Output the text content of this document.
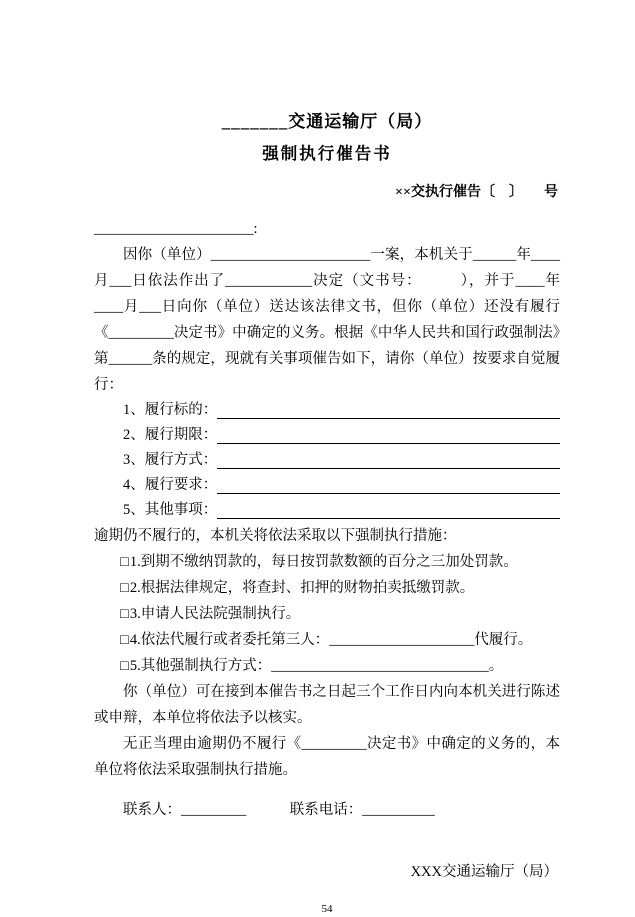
_______交通运输厅（局）
强制执行催告书
××交执行催告〔　〕　　号
______________________:

因你（单位）______________________一案，本机关于______年____月___日依法作出了____________决定（文书号：　　　），并于____年____月___日向你（单位）送达该法律文书，但你（单位）还没有履行《_________决定书》中确定的义务。根据《中华人民共和国行政强制法》第______条的规定，现就有关事项催告如下，请你（单位）按要求自觉履行：

1、履行标的：
2、履行期限：
3、履行方式：
4、履行要求：
5、其他事项：

逾期仍不履行的，本机关将依法采取以下强制执行措施：

□1.到期不缴纳罚款的，每日按罚款数额的百分之三加处罚款。

□2.根据法律规定，将查封、扣押的财物拍卖抵缴罚款。

□3.申请人民法院强制执行。

□4.依法代履行或者委托第三人：____________________代履行。

□5.其他强制执行方式：______________________________。

你（单位）可在接到本催告书之日起三个工作日内向本机关进行陈述或申辩，本单位将依法予以核实。

无正当理由逾期仍不履行《_________决定书》中确定的义务的，本单位将依法采取强制执行措施。

联系人：_________　　　联系电话：__________
XXX交通运输厅（局）
54
